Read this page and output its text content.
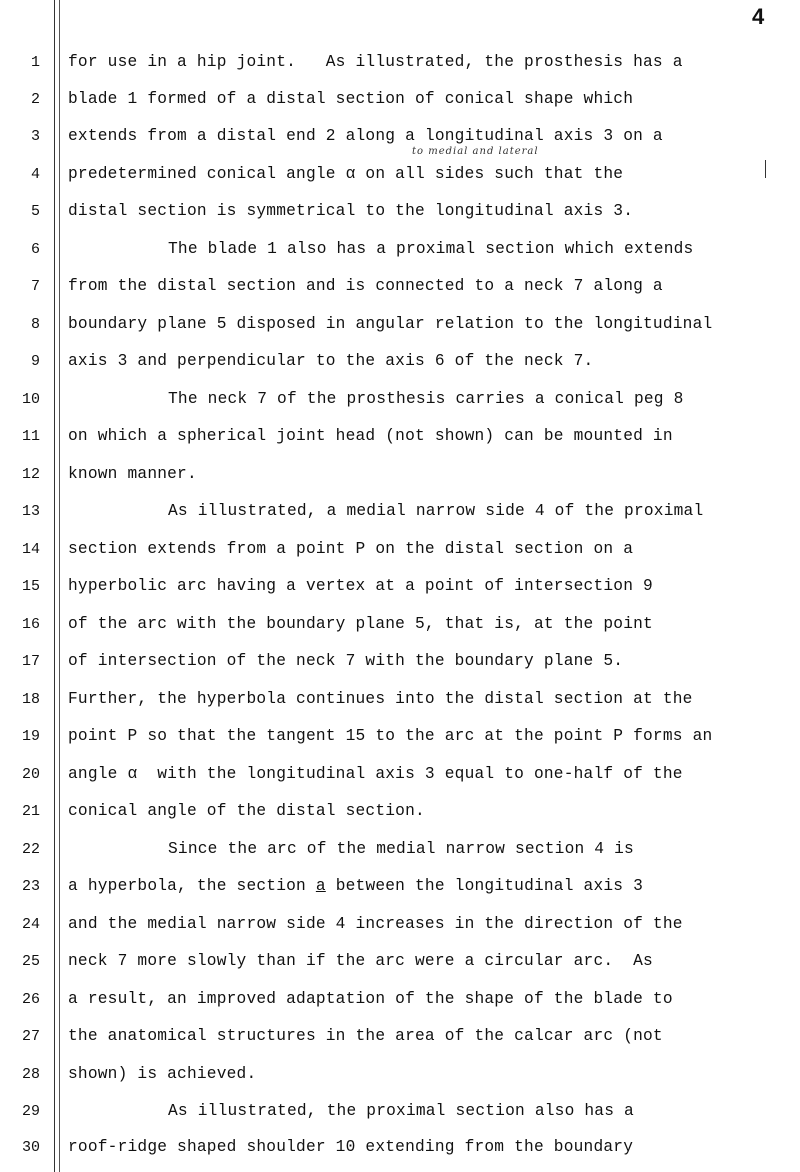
4
to medial and lateral
1
2
3
4
5
6
7
8
9
10
11
12
13
14
15
16
17
18
19
20
21
22
23
24
25
26
27
28
29
30
for use in a hip joint.   As illustrated, the prosthesis has a
blade 1 formed of a distal section of conical shape which
extends from a distal end 2 along a longitudinal axis 3 on a
predetermined conical angle α on all sides such that the
distal section is symmetrical to the longitudinal axis 3.
The blade 1 also has a proximal section which extends
from the distal section and is connected to a neck 7 along a
boundary plane 5 disposed in angular relation to the longitudinal
axis 3 and perpendicular to the axis 6 of the neck 7.
The neck 7 of the prosthesis carries a conical peg 8
on which a spherical joint head (not shown) can be mounted in
known manner.
As illustrated, a medial narrow side 4 of the proximal
section extends from a point P on the distal section on a
hyperbolic arc having a vertex at a point of intersection 9
of the arc with the boundary plane 5, that is, at the point
of intersection of the neck 7 with the boundary plane 5.
Further, the hyperbola continues into the distal section at the
point P so that the tangent 15 to the arc at the point P forms an
angle α  with the longitudinal axis 3 equal to one-half of the
conical angle of the distal section.
Since the arc of the medial narrow section 4 is
a hyperbola, the section a between the longitudinal axis 3
and the medial narrow side 4 increases in the direction of the
neck 7 more slowly than if the arc were a circular arc.  As
a result, an improved adaptation of the shape of the blade to
the anatomical structures in the area of the calcar arc (not
shown) is achieved.
As illustrated, the proximal section also has a
roof-ridge shaped shoulder 10 extending from the boundary
